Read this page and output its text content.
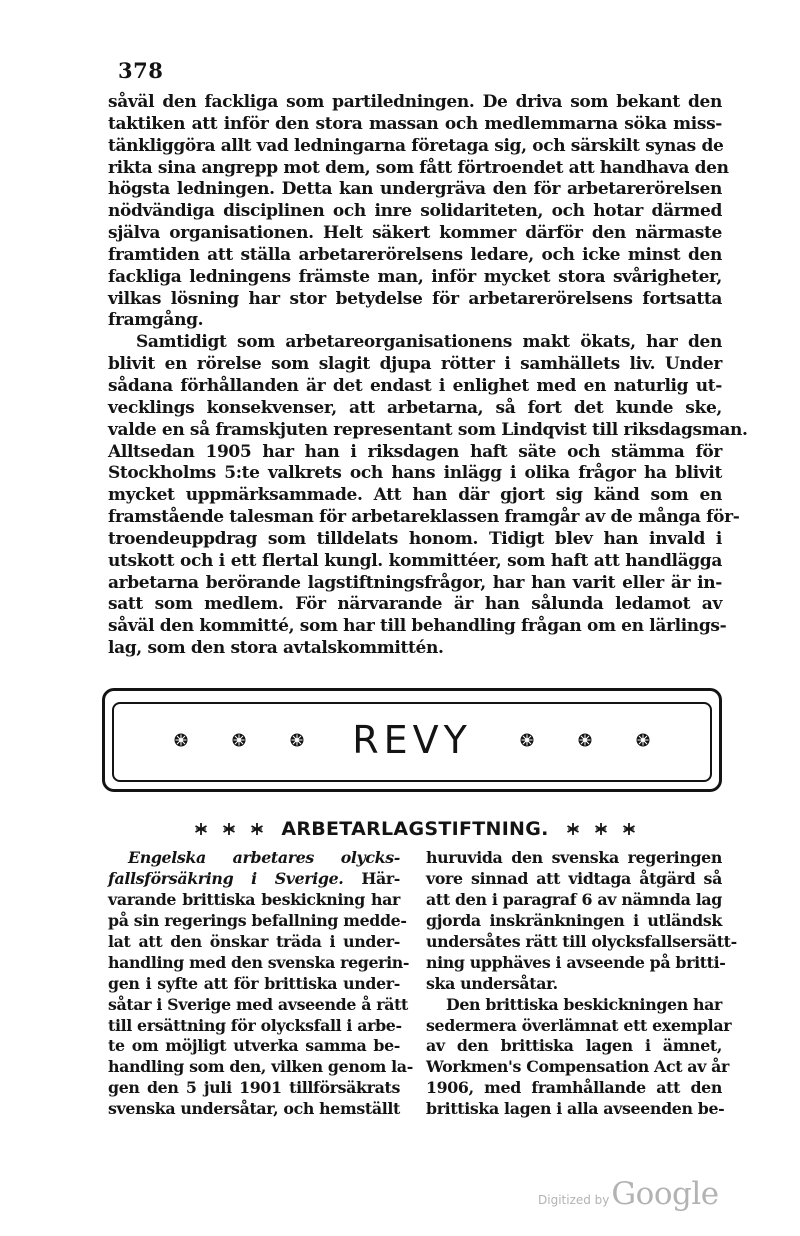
378
såväl den fackliga som partiledningen. De driva som bekant den
taktiken att inför den stora massan och medlemmarna söka miss-
tänkliggöra allt vad ledningarna företaga sig, och särskilt synas de
rikta sina angrepp mot dem, som fått förtroendet att handhava den
högsta ledningen. Detta kan undergräva den för arbetarerörelsen
nödvändiga disciplinen och inre solidariteten, och hotar därmed
själva organisationen. Helt säkert kommer därför den närmaste
framtiden att ställa arbetarerörelsens ledare, och icke minst den
fackliga ledningens främste man, inför mycket stora svårigheter,
vilkas lösning har stor betydelse för arbetarerörelsens fortsatta
framgång.
Samtidigt som arbetareorganisationens makt ökats, har den
blivit en rörelse som slagit djupa rötter i samhällets liv. Under
sådana förhållanden är det endast i enlighet med en naturlig ut-
vecklings konsekvenser, att arbetarna, så fort det kunde ske,
valde en så framskjuten representant som Lindqvist till riksdagsman.
Alltsedan 1905 har han i riksdagen haft säte och stämma för
Stockholms 5:te valkrets och hans inlägg i olika frågor ha blivit
mycket uppmärksammade. Att han där gjort sig känd som en
framstående talesman för arbetareklassen framgår av de många för-
troendeuppdrag som tilldelats honom. Tidigt blev han invald i
utskott och i ett flertal kungl. kommittéer, som haft att handlägga
arbetarna berörande lagstiftningsfrågor, har han varit eller är in-
satt som medlem. För närvarande är han sålunda ledamot av
såväl den kommitté, som har till behandling frågan om en lärlings-
lag, som den stora avtalskommittén.
REVY
ARBETARLAGSTIFTNING.
Engelska arbetares olycks-
fallsförsäkring i Sverige. Här-
varande brittiska beskickning har
på sin regerings befallning medde-
lat att den önskar träda i under-
handling med den svenska regerin-
gen i syfte att för brittiska under-
såtar i Sverige med avseende å rätt
till ersättning för olycksfall i arbe-
te om möjligt utverka samma be-
handling som den, vilken genom la-
gen den 5 juli 1901 tillförsäkrats
svenska undersåtar, och hemställt
huruvida den svenska regeringen
vore sinnad att vidtaga åtgärd så
att den i paragraf 6 av nämnda lag
gjorda inskränkningen i utländsk
undersåtes rätt till olycksfallsersätt-
ning upphäves i avseende på britti-
ska undersåtar.
Den brittiska beskickningen har
sedermera överlämnat ett exemplar
av den brittiska lagen i ämnet,
Workmen's Compensation Act av år
1906, med framhållande att den
brittiska lagen i alla avseenden be-
Digitized by Google
